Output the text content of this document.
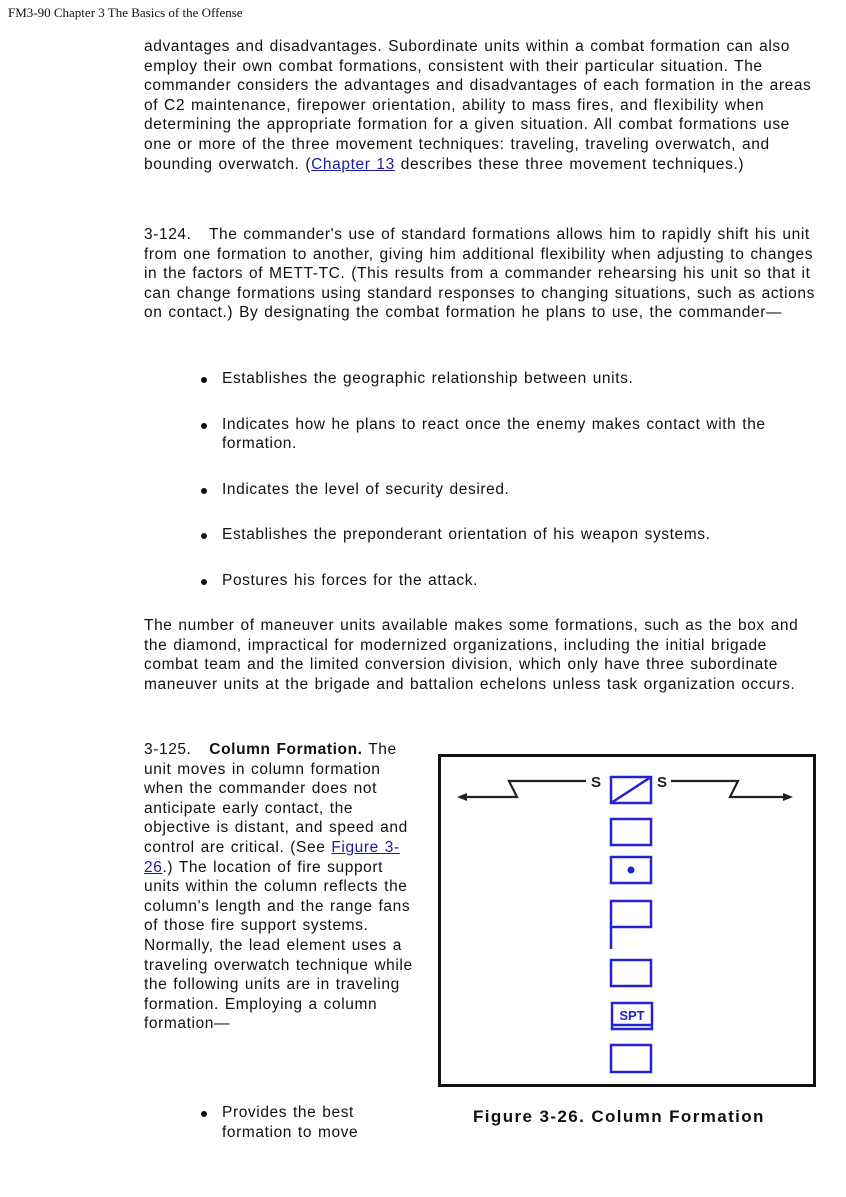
FM3-90 Chapter 3 The Basics of the Offense

advantages and disadvantages. Subordinate units within a combat formation can also employ their own combat formations, consistent with their particular situation. The commander considers the advantages and disadvantages of each formation in the areas of C2 maintenance, firepower orientation, ability to mass fires, and flexibility when determining the appropriate formation for a given situation. All combat formations use one or more of the three movement techniques: traveling, traveling overwatch, and bounding overwatch. (Chapter 13 describes these three movement techniques.)

3-124.   The commander's use of standard formations allows him to rapidly shift his unit from one formation to another, giving him additional flexibility when adjusting to changes in the factors of METT-TC. (This results from a commander rehearsing his unit so that it can change formations using standard responses to changing situations, such as actions on contact.) By designating the combat formation he plans to use, the commander—

Establishes the geographic relationship between units.
Indicates how he plans to react once the enemy makes contact with the formation.
Indicates the level of security desired.
Establishes the preponderant orientation of his weapon systems.
Postures his forces for the attack.

The number of maneuver units available makes some formations, such as the box and the diamond, impractical for modernized organizations, including the initial brigade combat team and the limited conversion division, which only have three subordinate maneuver units at the brigade and battalion echelons unless task organization occurs.

3-125. Column Formation. The unit moves in column formation when the commander does not anticipate early contact, the objective is distant, and speed and control are critical. (See Figure 3-26.) The location of fire support units within the column reflects the column's length and the range fans of those fire support systems. Normally, the lead element uses a traveling overwatch technique while the following units are in traveling formation. Employing a column formation—

Provides the best formation to move
S	S
SPT
Figure 3-26. Column Formation
